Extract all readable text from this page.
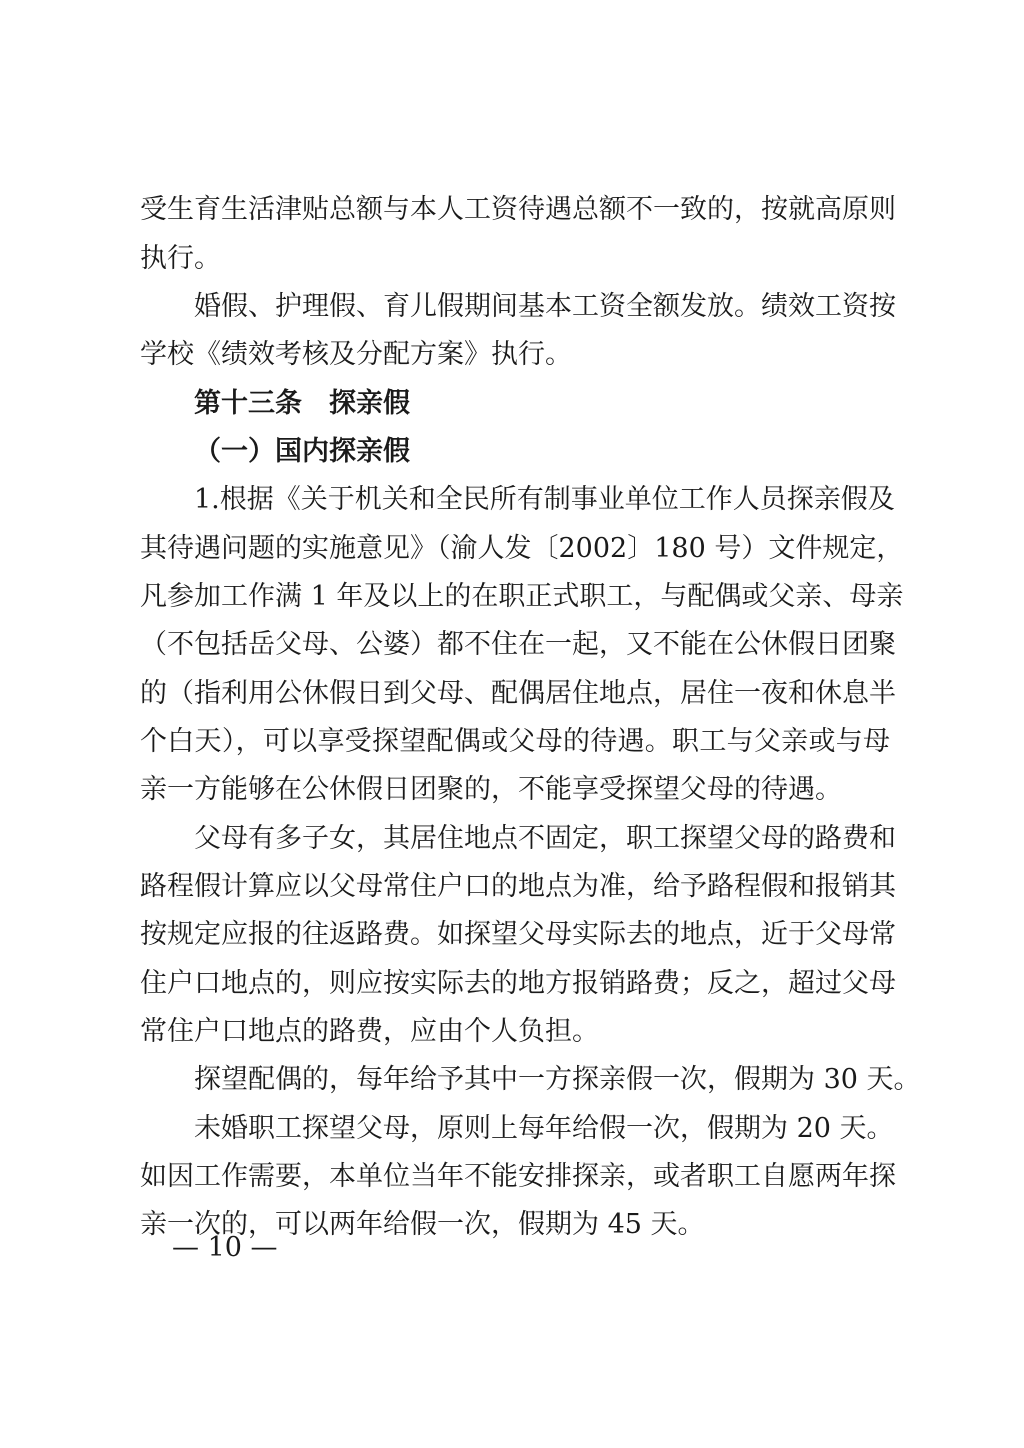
受生育生活津贴总额与本人工资待遇总额不一致的，按就高原则
执行。
婚假、护理假、育儿假期间基本工资全额发放。绩效工资按
学校《绩效考核及分配方案》执行。
第十三条　探亲假
（一）国内探亲假
1.根据《关于机关和全民所有制事业单位工作人员探亲假及
其待遇问题的实施意见》（渝人发〔2002〕180 号）文件规定，
凡参加工作满 1 年及以上的在职正式职工，与配偶或父亲、母亲
（不包括岳父母、公婆）都不住在一起，又不能在公休假日团聚
的（指利用公休假日到父母、配偶居住地点，居住一夜和休息半
个白天），可以享受探望配偶或父母的待遇。职工与父亲或与母
亲一方能够在公休假日团聚的，不能享受探望父母的待遇。
父母有多子女，其居住地点不固定，职工探望父母的路费和
路程假计算应以父母常住户口的地点为准，给予路程假和报销其
按规定应报的往返路费。如探望父母实际去的地点，近于父母常
住户口地点的，则应按实际去的地方报销路费；反之，超过父母
常住户口地点的路费，应由个人负担。
探望配偶的，每年给予其中一方探亲假一次，假期为 30 天。
未婚职工探望父母，原则上每年给假一次，假期为 20 天。
如因工作需要，本单位当年不能安排探亲，或者职工自愿两年探
亲一次的，可以两年给假一次，假期为 45 天。
— 10 —
